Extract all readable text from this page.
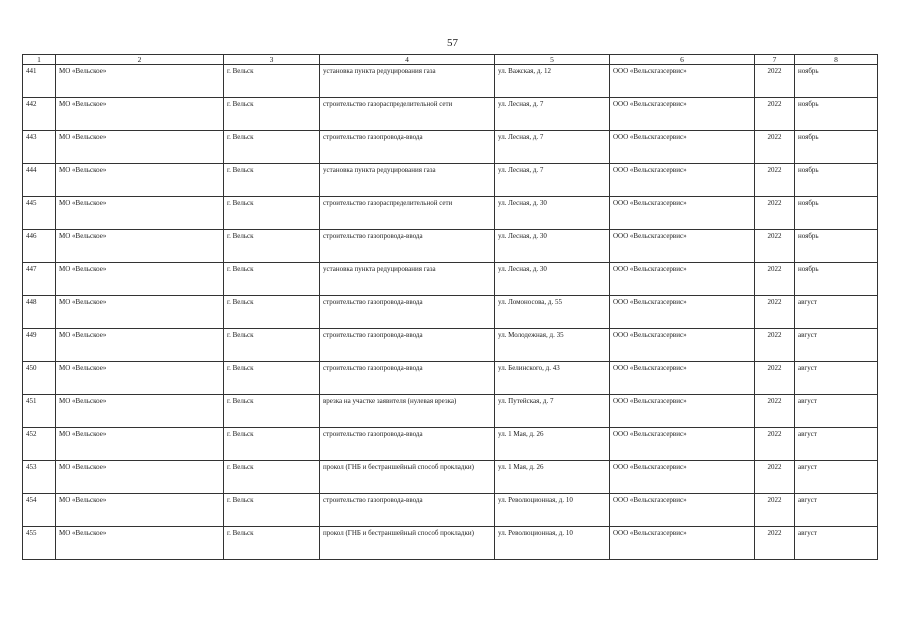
57
1	2	3	4	5	6	7	8
441	МО «Вельское»	г. Вельск	установка пункта редуцирования газа	ул. Важская, д. 12	ООО «Вельскгазсервис»	2022	ноябрь
442	МО «Вельское»	г. Вельск	строительство газораспределительной сети	ул. Лесная, д. 7	ООО «Вельскгазсервис»	2022	ноябрь
443	МО «Вельское»	г. Вельск	строительство газопровода-ввода	ул. Лесная, д. 7	ООО «Вельскгазсервис»	2022	ноябрь
444	МО «Вельское»	г. Вельск	установка пункта редуцирования газа	ул. Лесная, д. 7	ООО «Вельскгазсервис»	2022	ноябрь
445	МО «Вельское»	г. Вельск	строительство газораспределительной сети	ул. Лесная, д. 30	ООО «Вельскгазсервис»	2022	ноябрь
446	МО «Вельское»	г. Вельск	строительство газопровода-ввода	ул. Лесная, д. 30	ООО «Вельскгазсервис»	2022	ноябрь
447	МО «Вельское»	г. Вельск	установка пункта редуцирования газа	ул. Лесная, д. 30	ООО «Вельскгазсервис»	2022	ноябрь
448	МО «Вельское»	г. Вельск	строительство газопровода-ввода	ул. Ломоносова, д. 55	ООО «Вельскгазсервис»	2022	август
449	МО «Вельское»	г. Вельск	строительство газопровода-ввода	ул. Молодежная, д. 35	ООО «Вельскгазсервис»	2022	август
450	МО «Вельское»	г. Вельск	строительство газопровода-ввода	ул. Белинского, д. 43	ООО «Вельскгазсервис»	2022	август
451	МО «Вельское»	г. Вельск	врезка на участке заявителя (нулевая врезка)	ул. Путейская, д. 7	ООО «Вельскгазсервис»	2022	август
452	МО «Вельское»	г. Вельск	строительство газопровода-ввода	ул. 1 Мая, д. 26	ООО «Вельскгазсервис»	2022	август
453	МО «Вельское»	г. Вельск	прокол (ГНБ и бестраншейный способ прокладки)	ул. 1 Мая, д. 26	ООО «Вельскгазсервис»	2022	август
454	МО «Вельское»	г. Вельск	строительство газопровода-ввода	ул. Революционная, д. 10	ООО «Вельскгазсервис»	2022	август
455	МО «Вельское»	г. Вельск	прокол (ГНБ и бестраншейный способ прокладки)	ул. Революционная, д. 10	ООО «Вельскгазсервис»	2022	август
